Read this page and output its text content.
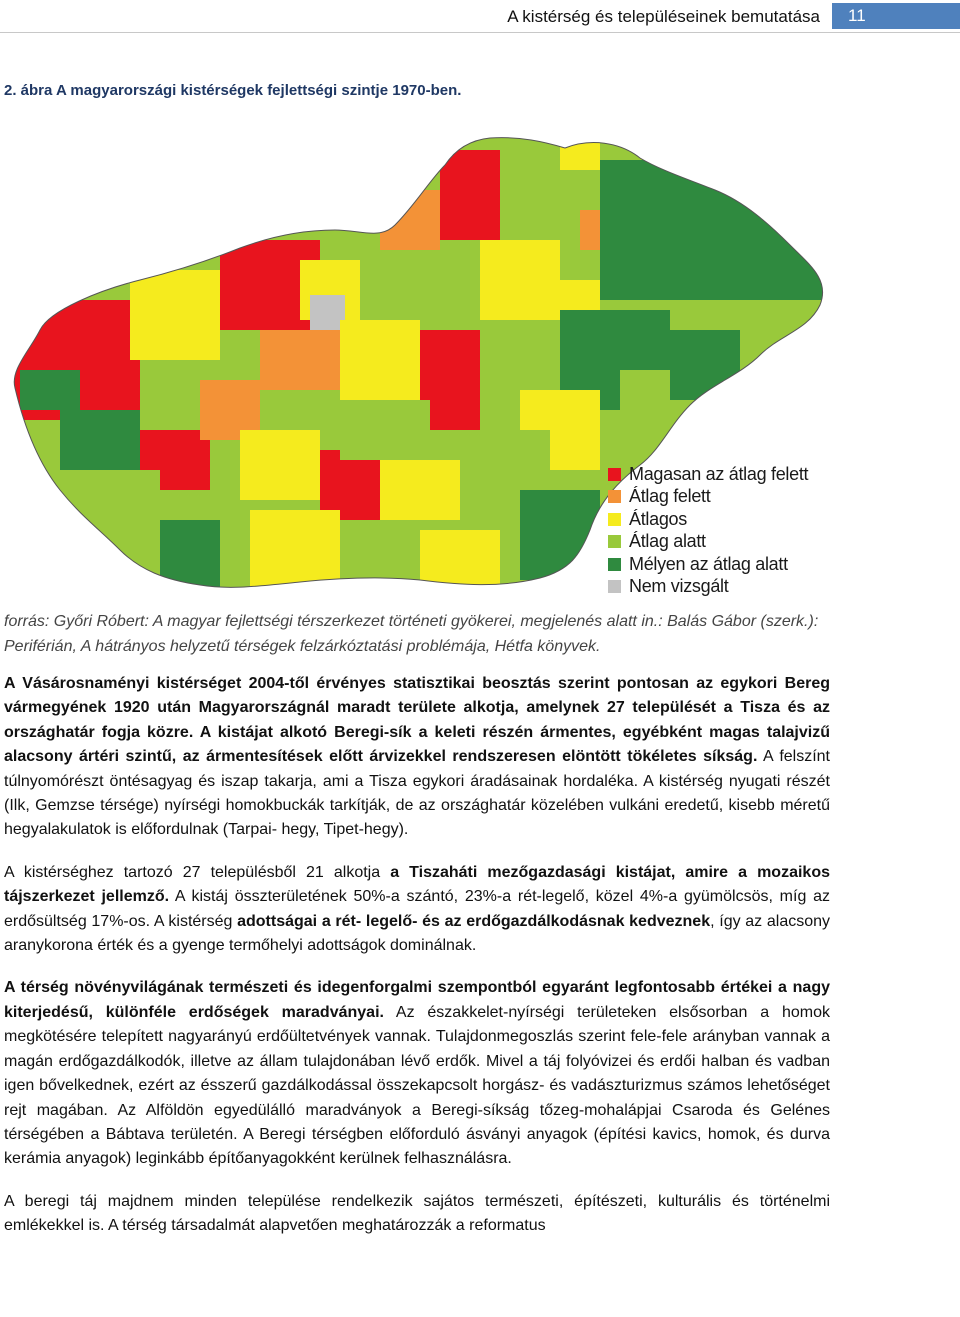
A kistérség és településeinek bemutatása	11
2. ábra A magyarországi kistérségek fejlettségi szintje 1970-ben.
Magasan az átlag felett
Átlag felett
Átlagos
Átlag alatt
Mélyen az átlag alatt
Nem vizsgált
forrás: Győri Róbert: A magyar fejlettségi térszerkezet történeti gyökerei, megjelenés alatt in.: Balás Gábor (szerk.): Periférián, A hátrányos helyzetű térségek felzárkóztatási problémája, Hétfa könyvek.

A Vásárosnaményi kistérséget 2004-től érvényes statisztikai beosztás szerint pontosan az egykori Bereg vármegyének 1920 után Magyarországnál maradt területe alkotja, amelynek 27 települését a Tisza és az országhatár fogja közre. A kistájat alkotó Beregi-sík a keleti részén ármentes, egyébként magas talajvizű alacsony ártéri szintű, az ármentesítések előtt árvizekkel rendszeresen elöntött tökéletes síkság. A felszínt túlnyomórészt öntésagyag és iszap takarja, ami a Tisza egykori áradásainak hordaléka. A kistérség nyugati részét (Ilk, Gemzse térsége) nyírségi homokbuckák tarkítják, de az országhatár közelében vulkáni eredetű, kisebb méretű hegyalakulatok is előfordulnak (Tarpai- hegy, Tipet-hegy).

A kistérséghez tartozó 27 településből 21 alkotja a Tiszaháti mezőgazdasági kistájat, amire a mozaikos tájszerkezet jellemző. A kistáj összterületének 50%-a szántó, 23%-a rét-legelő, közel 4%-a gyümölcsös, míg az erdősültség 17%-os. A kistérség adottságai a rét- legelő- és az erdőgazdálkodásnak kedveznek, így az alacsony aranykorona érték és a gyenge termőhelyi adottságok dominálnak.

A térség növényvilágának természeti és idegenforgalmi szempontból egyaránt legfontosabb értékei a nagy kiterjedésű, különféle erdőségek maradványai. Az északkelet-nyírségi területeken elsősorban a homok megkötésére telepített nagyarányú erdőültetvények vannak. Tulajdonmegoszlás szerint fele-fele arányban vannak a magán erdőgazdálkodók, illetve az állam tulajdonában lévő erdők. Mivel a táj folyóvizei és erdői halban és vadban igen bővelkednek, ezért az ésszerű gazdálkodással összekapcsolt horgász- és vadászturizmus számos lehetőséget rejt magában. Az Alföldön egyedülálló maradványok a Beregi-síkság tőzeg-mohalápjai Csaroda és Gelénes térségében a Bábtava területén. A Beregi térségben előforduló ásványi anyagok (építési kavics, homok, és durva kerámia anyagok) leginkább építőanyagokként kerülnek felhasználásra.

A beregi táj majdnem minden települése rendelkezik sajátos természeti, építészeti, kulturális és történelmi emlékekkel is. A térség társadalmát alapvetően meghatározzák a reformatus
